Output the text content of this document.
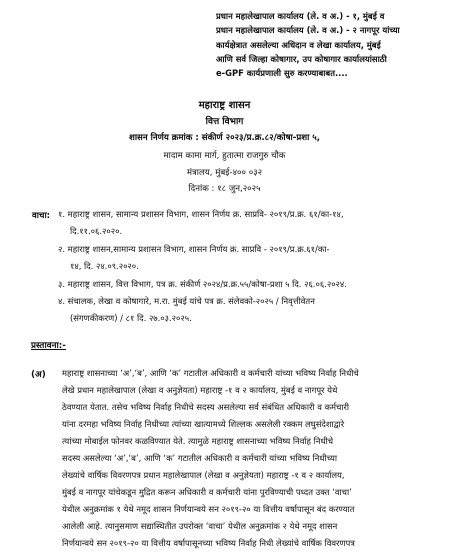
प्रधान महालेखापाल कार्यालय (ले. व अ.) - १, मुंबई व
प्रधान महालेखापाल कार्यालय (ले. व अ.) - २ नागपूर यांच्या
कार्यक्षेत्रात असलेल्या अधिदान व लेखा कार्यालय, मुंबई
आणि सर्व जिल्हा कोषागार, उप कोषागार कार्यालयांसाठी
e-GPF कार्यप्रणाली सुरु करण्याबाबत....
महाराष्ट्र शासन
वित्त विभाग
शासन निर्णय क्रमांक : संकीर्ण २०२३/प्र.क्र.८२/कोषा-प्रशा ५,
मादाम कामा मार्ग, हुतात्मा राजगुरु चौक
मंत्रालय, मुंबई-४०० ०३२
दिनांक : १८ जुन,२०२५
वाचा: १. महाराष्ट्र शासन, सामान्य प्रशासन विभाग, शासन निर्णय क्र. साप्रवि- २०१९/प्र.क्र. ६१/का-१४,
दि.११.०६.२०२०.
२. महाराष्ट्र शासन,सामान्य प्रशासन विभाग, शासन निर्णय क्र. साप्रवि - २०१९/प्र.क्र.६१/का-
१४, दि. २४.०९.२०२०.
३. महाराष्ट्र शासन, वित्त विभाग, पत्र क्र. संकीर्ण २०२४/प्र.क्र.५५/कोषा-प्रशा ५ दि. २६.०६.२०२४.
४. संचालक, लेखा व कोषागारे, म.रा. मुंबई यांचे पत्र क्र. संलेवको-२०२५ / निवृत्तीवेतन
(संगणकीकरण) / ८१ दि. २७.०३.२०२५.
प्रस्तावना:-
(अ) महाराष्ट्र शासनाच्या ‘अ’,‘ब’, आणि ‘क’ गटातील अधिकारी व कर्मचारी यांच्या भविष्य निर्वाह निधीचे
लेखे प्रधान महालेखापाल (लेखा व अनुज्ञेयता) महाराष्ट्र -१ व २ कार्यालय, मुंबई व नागपूर येथे
ठेवण्यात येतात. तसेच भविष्य निर्वाह निधीचे सदस्य असलेल्या सर्व संबंधित अधिकारी व कर्मचारी
यांना दरमहा भविष्य निर्वाह निधीच्या त्यांच्या खात्यामध्ये शिल्लक असलेली रक्कम लघुसंदेशाद्वारे
त्यांच्या मोबाईल फोनवर कळविण्यात येते. त्यामुळे महाराष्ट्र शासनाच्या भविष्य निर्वाह निधीचे
सदस्य असलेल्या ‘अ’,‘ब’, आणि ‘क’ गटातील अधिकारी व कर्मचारी यांच्या भविष्य निधीच्या
लेख्यांचे वार्षिक विवरणपत्र प्रधान महालेखापाल (लेखा व अनुज्ञेयता) महाराष्ट्र -१ व २ कार्यालय,
मुंबई व नागपूर यांचेकडून मुद्रित करून अधिकारी व कर्मचारी यांना पुरविण्याची पध्दत उक्त ‘वाचा’
येथील अनुक्रमांक १ येथे नमूद शासन निर्णयान्वये सन २०१९-२० या वित्तीय वर्षापासून बंद करण्यात
आलेली आहे. त्यानुसमाण सद्यास्थितीत उपरोक्त ‘वाचा’ येथील अनुक्रमांक २ येथे नमूद शासन
निर्णयान्वये सन २०१९-२० या वित्तीय वर्षापासूनच्या भविष्य निर्वाह निधी लेख्यांचे वार्षिक विवरणपत्र
